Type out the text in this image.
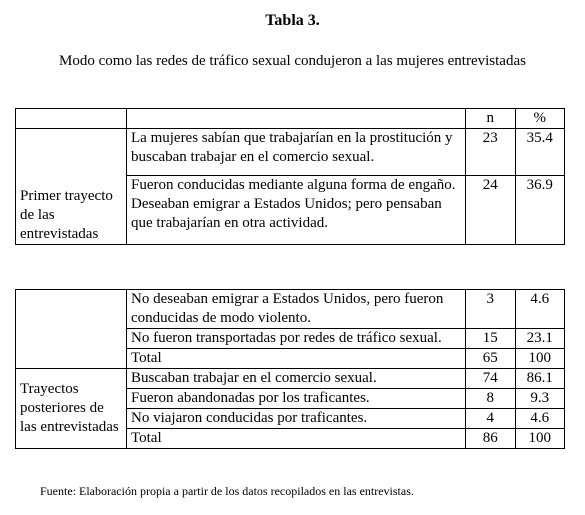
Tabla 3.
Modo como las redes de tráfico sexual condujeron a las mujeres entrevistadas
		n	%

Primer trayecto de las entrevistadas	La mujeres sabían que trabajarían en la prostitución y buscaban trabajar en el comercio sexual.	23	35.4
	Fueron conducidas mediante alguna forma de engaño. Deseaban emigrar a Estados Unidos; pero pensaban que trabajarían en otra actividad.	24	36.9
	No deseaban emigrar a Estados Unidos, pero fueron conducidas de modo violento.	3	4.6
	No fueron transportadas por redes de tráfico sexual.	15	23.1
	Total	65	100
Trayectos posteriores de las entrevistadas	Buscaban trabajar en el comercio sexual.	74	86.1
	Fueron abandonadas por los traficantes.	8	9.3
	No viajaron conducidas por traficantes.	4	4.6
	Total	86	100
Fuente: Elaboración propia a partir de los datos recopilados en las entrevistas.
